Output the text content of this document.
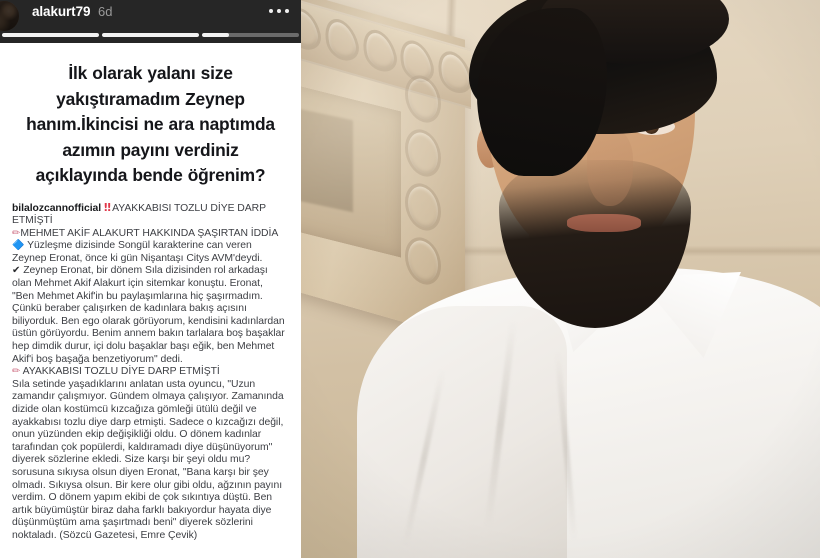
alakurt79 6d
İlk olarak yalanı size yakıştıramadım Zeynep hanım.İkincisi ne ara naptımda azımın payını verdiniz açıklayında bende öğrenim?

bilalozcannofficial ‼ AYAKKABISI TOZLU DİYE DARP ETMİŞTİ

✏MEHMET AKİF ALAKURT HAKKINDA ŞAŞIRTAN İDDİA

🔷 Yüzleşme dizisinde Songül karakterine can veren Zeynep Eronat, önce ki gün Nişantaşı Citys AVM'deydi.

✔ Zeynep Eronat, bir dönem Sıla dizisinden rol arkadaşı olan Mehmet Akif Alakurt için sitemkar konuştu. Eronat, "Ben Mehmet Akif'in bu paylaşımlarına hiç şaşırmadım. Çünkü beraber çalışırken de kadınlara bakış açısını biliyorduk. Ben ego olarak görüyorum, kendisini kadınlardan üstün görüyordu. Benim annem bakın tarlalara boş başaklar hep dimdik durur, içi dolu başaklar başı eğik, ben Mehmet Akif'i boş başağa benzetiyorum" dedi.

✏ AYAKKABISI TOZLU DİYE DARP ETMİŞTİ

Sıla setinde yaşadıklarını anlatan usta oyuncu, "Uzun zamandır çalışmıyor. Gündem olmaya çalışıyor. Zamanında dizide olan kostümcü kızcağıza gömleği ütülü değil ve ayakkabısı tozlu diye darp etmişti. Sadece o kızcağızı değil, onun yüzünden ekip değişikliği oldu. O dönem kadınlar tarafından çok popülerdi, kaldıramadı diye düşünüyorum" diyerek sözlerine ekledi. Size karşı bir şeyi oldu mu? sorusuna sıkıysa olsun diyen Eronat, "Bana karşı bir şey olmadı. Sıkıysa olsun. Bir kere olur gibi oldu, ağzının payını verdim. O dönem yapım ekibi de çok sıkıntıya düştü. Ben artık büyümüştür biraz daha farklı bakıyordur hayata diye düşünmüştüm ama şaşırtmadı beni" diyerek sözlerini noktaladı. (Sözcü Gazetesi, Emre Çevik)
